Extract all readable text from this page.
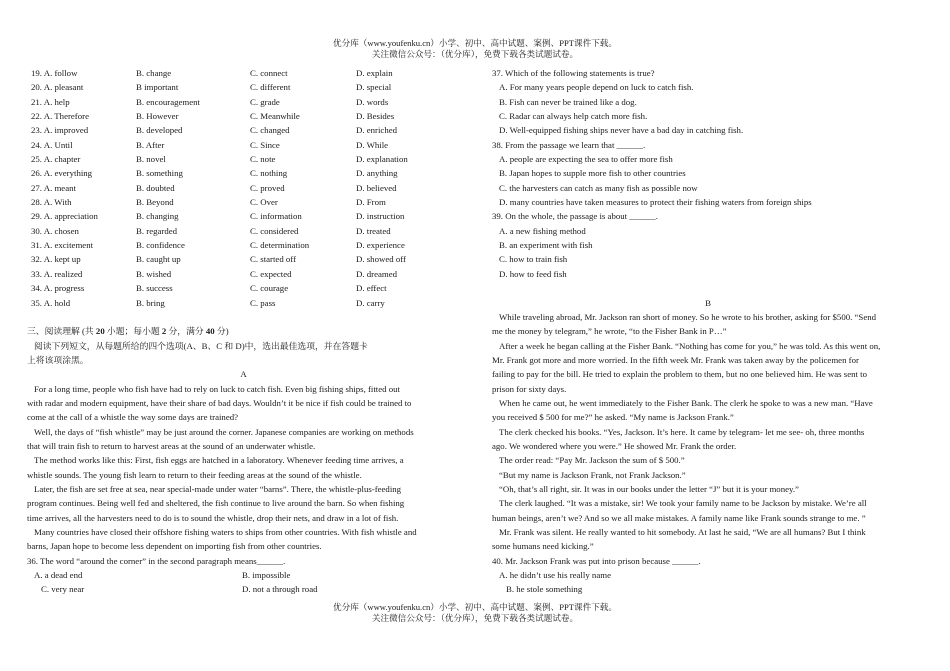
优分库（www.youfenku.cn）小学、初中、高中试题、案例、PPT课件下载。
关注微信公众号：（优分库），免费下载各类试题试卷。
19. A. follow	B. change	C. connect	D. explain
20. A. pleasant	B important	C. different	D. special
21. A. help	B. encouragement	C. grade	D. words
22. A. Therefore	B. However	C. Meanwhile	D. Besides
23. A. improved	B. developed	C. changed	D. enriched
24. A. Until	B. After	C. Since	D. While
25. A. chapter	B. novel	C. note	D. explanation
26. A. everything	B. something	C. nothing	D. anything
27. A. meant	B. doubted	C. proved	D. believed
28. A. With	B. Beyond	C. Over	D. From
29. A. appreciation	B. changing	C. information	D. instruction
30. A. chosen	B. regarded	C. considered	D. treated
31. A. excitement	B. confidence	C. determination	D. experience
32. A. kept up	B. caught up	C. started off	D. showed off
33. A. realized	B. wished	C. expected	D. dreamed
34. A. progress	B. success	C. courage	D. effect
35. A. hold	B. bring	C. pass	D. carry
三、阅读理解 (共 20 小题；每小题 2 分，满分 40 分)
阅读下列短文，从每题所给的四个选项(A、B、C 和 D)中，选出最佳选项，并在答题卡
上将该项涂黑。
A
For a long time, people who fish have had to rely on luck to catch fish. Even big fishing ships, fitted out
with radar and modern equipment, have their share of bad days. Wouldn’t it be nice if fish could be trained to
come at the call of a whistle the way some days are trained?
Well, the days of “fish whistle” may be just around the corner. Japanese companies are working on methods
that will train fish to return to harvest areas at the sound of an underwater whistle.
The method works like this: First, fish eggs are hatched in a laboratory. Whenever feeding time arrives, a
whistle sounds. The young fish learn to return to their feeding areas at the sound of the whistle.
Later, the fish are set free at sea, near special-made under water “barns”. There, the whistle-plus-feeding
program continues. Being well fed and sheltered, the fish continue to live around the barn. So when fishing
time arrives, all the harvesters need to do is to sound the whistle, drop their nets, and draw in a lot of fish.
Many countries have closed their offshore fishing waters to ships from other countries. With fish whistle and
barns, Japan hope to become less dependent on importing fish from other countries.
36. The word “around the corner” in the second paragraph means______.
A. a dead end	B. impossible
C. very near	D. not a through road
37. Which of the following statements is true?
A. For many years people depend on luck to catch fish.
B. Fish can never be trained like a dog.
C. Radar can always help catch more fish.
D. Well-equipped fishing ships never have a bad day in catching fish.
38. From the passage we learn that ______.
A. people are expecting the sea to offer more fish
B. Japan hopes to supple more fish to other countries
C. the harvesters can catch as many fish as possible now
D. many countries have taken measures to protect their fishing waters from foreign ships
39. On the whole, the passage is about ______.
A. a new fishing method
B. an experiment with fish
C. how to train fish
D. how to feed fish
B
While traveling abroad, Mr. Jackson ran short of money. So he wrote to his brother, asking for $500. “Send
me the money by telegram,” he wrote, “to the Fisher Bank in P…”
After a week he began calling at the Fisher Bank. “Nothing has come for you,” he was told. As this went on,
Mr. Frank got more and more worried. In the fifth week Mr. Frank was taken away by the policemen for
failing to pay for the bill. He tried to explain the problem to them, but no one believed him. He was sent to
prison for sixty days.
When he came out, he went immediately to the Fisher Bank. The clerk he spoke to was a new man. “Have
you received $ 500 for me?” he asked. “My name is Jackson Frank.”
The clerk checked his books. “Yes, Jackson. It’s here. It came by telegram- let me see- oh, three months
ago. We wondered where you were.” He showed Mr. Frank the order.
The order read: “Pay Mr. Jackson the sum of $ 500.”
“But my name is Jackson Frank, not Frank Jackson.”
“Oh, that’s all right, sir. It was in our books under the letter “J” but it is your money.”
The clerk laughed. “It was a mistake, sir! We took your family name to be Jackson by mistake. We’re all
human beings, aren’t we? And so we all make mistakes. A family name like Frank sounds strange to me. ”
Mr. Frank was silent. He really wanted to hit somebody. At last he said, “We are all humans? But I think
some humans need kicking.”
40. Mr. Jackson Frank was put into prison because ______.
A. he didn’t use his really name
B. he stole something
优分库（www.youfenku.cn）小学、初中、高中试题、案例、PPT课件下载。
关注微信公众号：（优分库），免费下载各类试题试卷。
